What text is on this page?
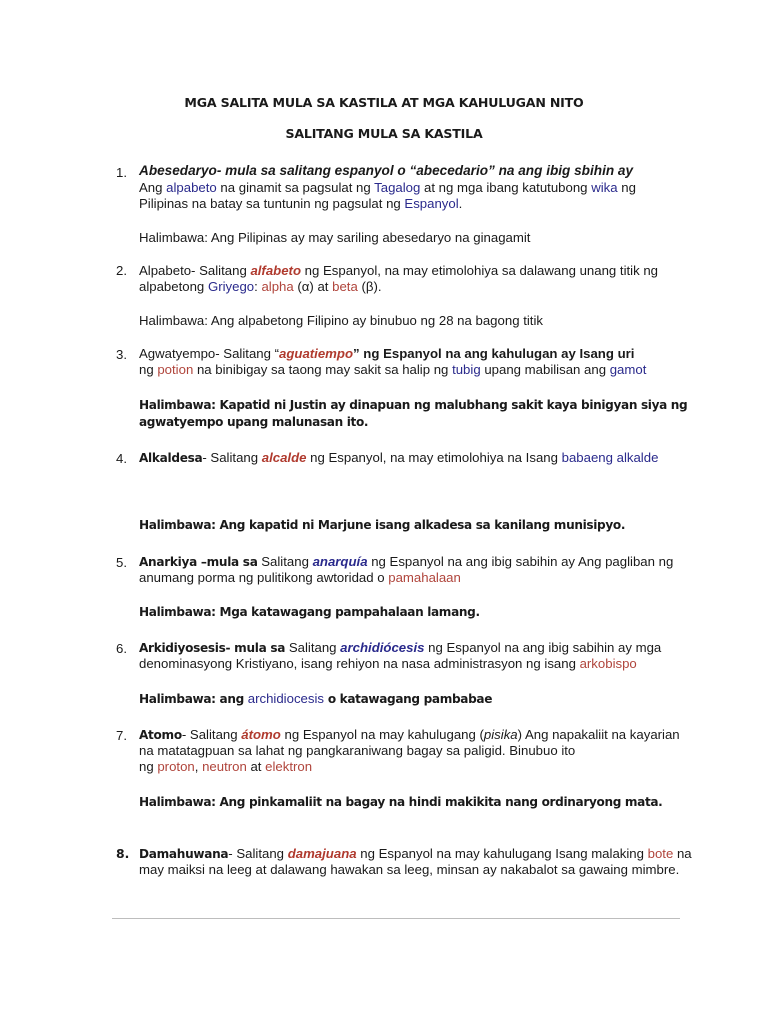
MGA SALITA MULA SA KASTILA AT MGA KAHULUGAN NITO
SALITANG MULA SA KASTILA
1. Abesedaryo- mula sa salitang espanyol o “abecedario” na ang ibig sbihin ay
Ang alpabeto na ginamit sa pagsulat ng Tagalog at ng mga ibang katutubong wika ng
Pilipinas na batay sa tuntunin ng pagsulat ng Espanyol.
Halimbawa: Ang Pilipinas ay may sariling abesedaryo na ginagamit
2. Alpabeto- Salitang alfabeto ng Espanyol, na may etimolohiya sa dalawang unang titik ng
alpabetong Griyego: alpha (α) at beta (β).
Halimbawa: Ang alpabetong Filipino ay binubuo ng 28 na bagong titik
3. Agwatyempo- Salitang “aguatiempo” ng Espanyol na ang kahulugan ay Isang uri
ng potion na binibigay sa taong may sakit sa halip ng tubig upang mabilisan ang gamot
Halimbawa: Kapatid ni Justin ay dinapuan ng malubhang sakit kaya binigyan siya ng
agwatyempo upang malunasan ito.
4. Alkaldesa- Salitang alcalde ng Espanyol, na may etimolohiya na Isang babaeng alkalde
Halimbawa: Ang kapatid ni Marjune isang alkadesa sa kanilang munisipyo.
5. Anarkiya –mula sa Salitang anarquía ng Espanyol na ang ibig sabihin ay Ang pagliban ng
anumang porma ng pulitikong awtoridad o pamahalaan
Halimbawa: Mga katawagang pampahalaan lamang.
6. Arkidiyosesis- mula sa Salitang archidiócesis ng Espanyol na ang ibig sabihin ay mga
denominasyong Kristiyano, isang rehiyon na nasa administrasyon ng isang arkobispo
Halimbawa: ang archidiocesis o katawagang pambabae
7. Atomo- Salitang átomo ng Espanyol na may kahulugang (pisika) Ang napakaliit na kayarian
na matatagpuan sa lahat ng pangkaraniwang bagay sa paligid. Binubuo ito
ng proton, neutron at elektron
Halimbawa: Ang pinkamaliit na bagay na hindi makikita nang ordinaryong mata.
8. Damahuwana- Salitang damajuana ng Espanyol na may kahulugang Isang malaking bote na
may maiksi na leeg at dalawang hawakan sa leeg, minsan ay nakabalot sa gawaing mimbre.
